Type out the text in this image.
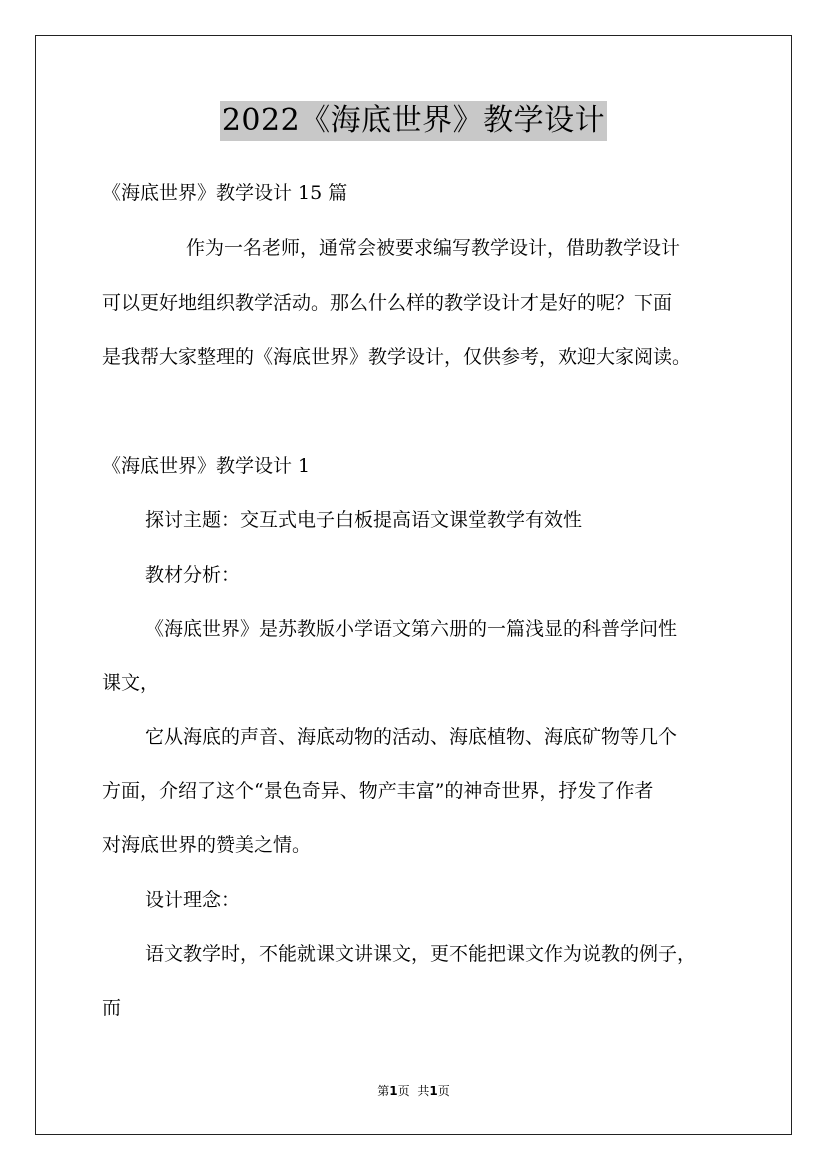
2022《海底世界》教学设计
《海底世界》教学设计 15 篇
作为一名老师，通常会被要求编写教学设计，借助教学设计
可以更好地组织教学活动。那么什么样的教学设计才是好的呢？下面
是我帮大家整理的《海底世界》教学设计，仅供参考，欢迎大家阅读。
《海底世界》教学设计 1
探讨主题：交互式电子白板提高语文课堂教学有效性
教材分析：
《海底世界》是苏教版小学语文第六册的一篇浅显的科普学问性
课文，
它从海底的声音、海底动物的活动、海底植物、海底矿物等几个
方面，介绍了这个“景色奇异、物产丰富”的神奇世界，抒发了作者
对海底世界的赞美之情。
设计理念：
语文教学时，不能就课文讲课文，更不能把课文作为说教的例子，
而
第1页 共1页
